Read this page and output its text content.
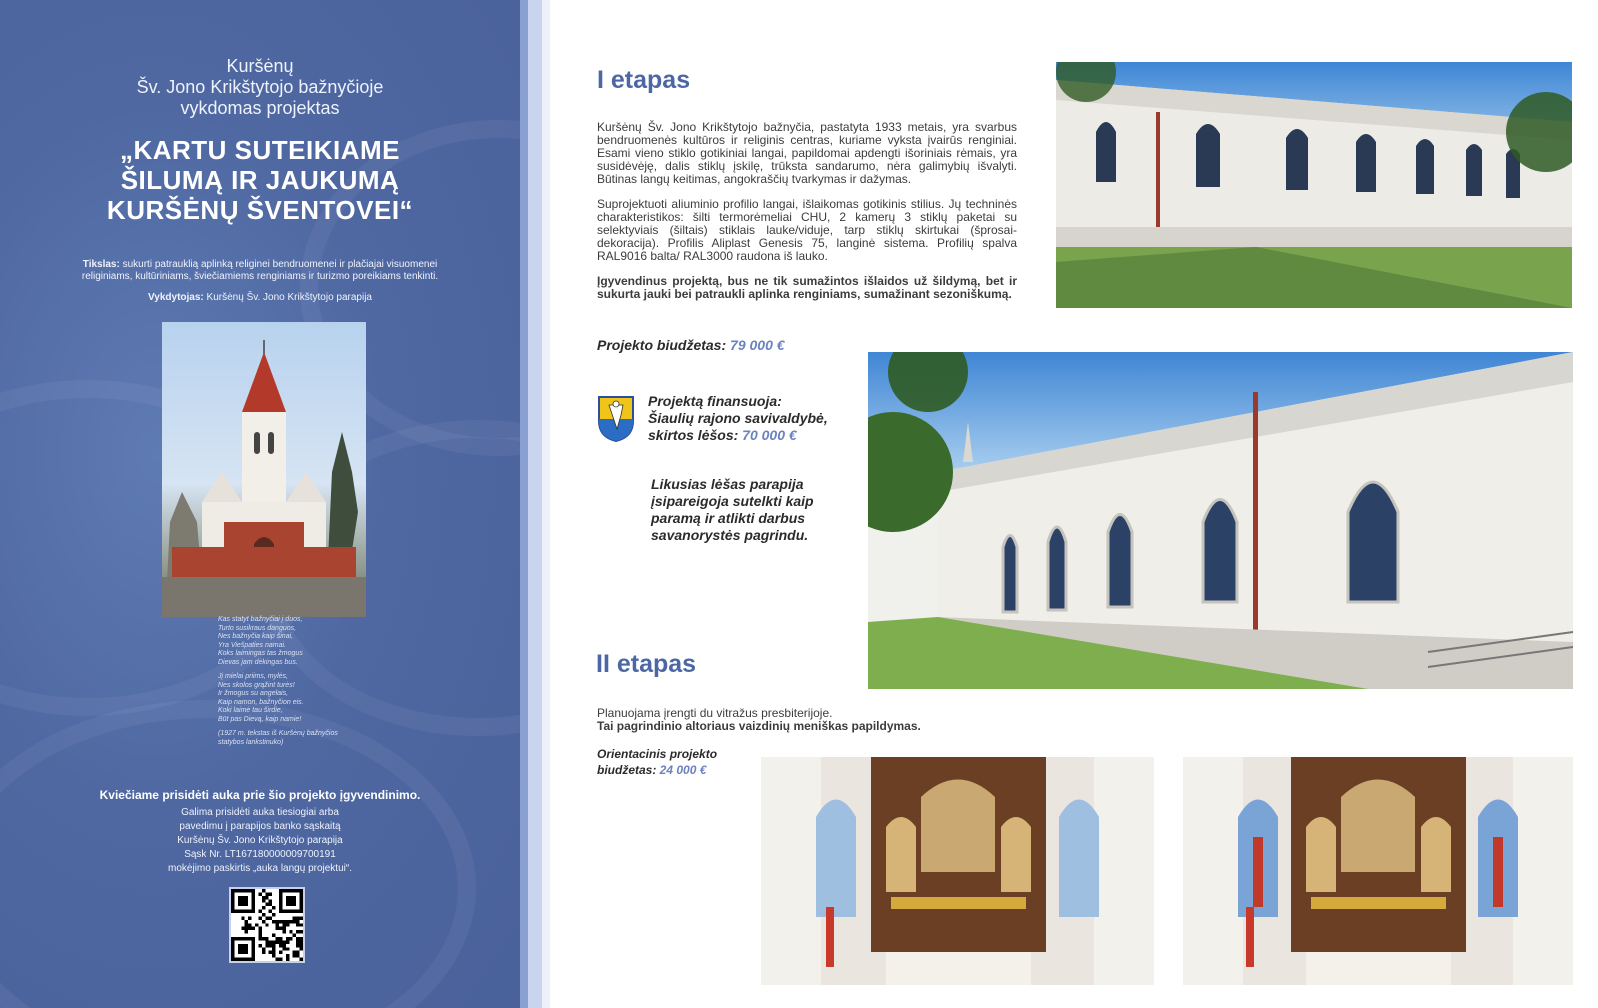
Kuršėnų
Šv. Jono Krikštytojo bažnyčioje
vykdomas projektas
„KARTU SUTEIKIAME
ŠILUMĄ IR JAUKUMĄ
KURŠĖNŲ ŠVENTOVEI“
Tikslas: sukurti patrauklią aplinką religinei bendruomenei ir plačiajai visuomenei religiniams, kultūriniams, šviečiamiems renginiams ir turizmo poreikiams tenkinti.
Vykdytojas: Kuršėnų Šv. Jono Krikštytojo parapija

Kas statyt bažnyčiai į duos,
Turto susikraus danguos,
Nes bažnyčia kaip šinai,
Yra Viešpaties namai.
Koks laimingas tas žmogus
Dievas jam dėkingas bus.

Jį mielai priims, mylės,
Nes skolos grąžint turės!
Ir žmogus su angelais,
Kaip namon, bažnyčion eis.
Koki laimė tau širdie,
Būt pas Dievą, kaip namie!

(1927 m. tekstas iš Kuršėnų bažnyčios
statybos lankstinuko)

Kviečiame prisidėti auka prie šio projekto įgyvendinimo.
Galima prisidėti auka tiesiogiai arba
pavedimu į parapijos banko sąskaitą
Kuršėnų Šv. Jono Krikštytojo parapija
Sąsk Nr. LT167180000009700191
mokėjimo paskirtis „auka langų projektui“.
I etapas

Kuršėnų Šv. Jono Krikštytojo bažnyčia, pastatyta 1933 metais, yra svarbus bendruomenės kultūros ir religinis centras, kuriame vyksta įvairūs renginiai. Esami vieno stiklo gotikiniai langai, papildomai apdengti išoriniais rėmais, yra susidėvėję, dalis stiklų įskilę, trūksta sandarumo, nėra galimybių išvalyti. Būtinas langų keitimas, angokraščių tvarkymas ir dažymas.

Suprojektuoti aliuminio profilio langai, išlaikomas gotikinis stilius. Jų techninės charakteristikos: šilti termorėmeliai CHU, 2 kamerų 3 stiklų paketai su selektyviais (šiltais) stiklais lauke/viduje, tarp stiklų skirtukai (šprosai-dekoracija). Profilis Aliplast Genesis 75, langinė sistema. Profilių spalva RAL9016 balta/ RAL3000 raudona iš lauko.

Įgyvendinus projektą, bus ne tik sumažintos išlaidos už šildymą, bet ir sukurta jauki bei patraukli aplinka renginiams, sumažinant sezoniškumą.

Projekto biudžetas: 79 000 €
Projektą finansuoja:
Šiaulių rajono savivaldybė,
skirtos lėšos: 70 000 €
Likusias lėšas parapija
įsipareigoja sutelkti kaip
paramą ir atlikti darbus
savanorystės pagrindu.
II etapas
Planuojama įrengti du vitražus presbiterijoje.
Tai pagrindinio altoriaus vaizdinių meniškas papildymas.
Orientacinis projekto
biudžetas: 24 000 €
